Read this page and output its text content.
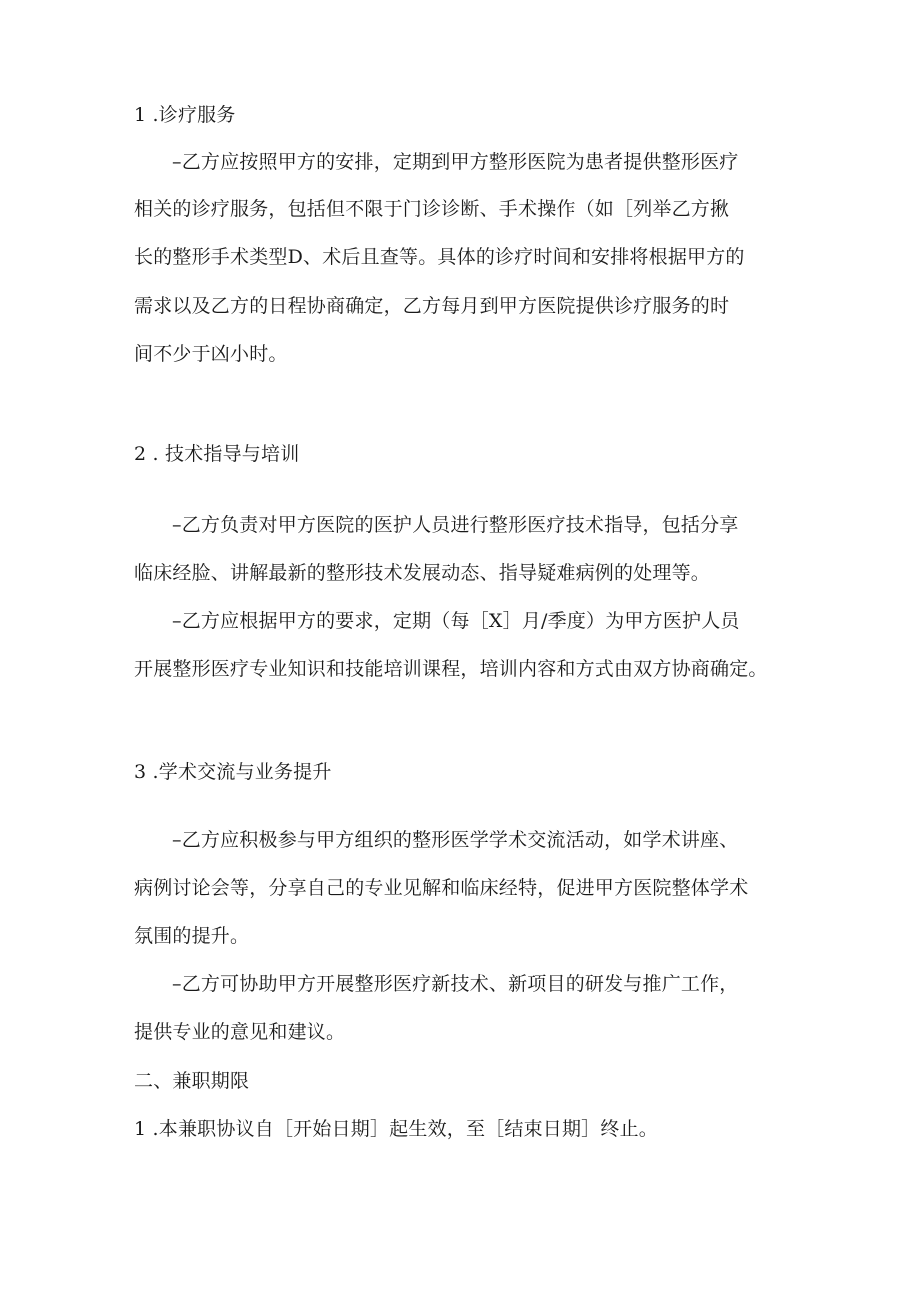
1 .诊疗服务
–乙方应按照甲方的安排，定期到甲方整形医院为患者提供整形医疗
相关的诊疗服务，包括但不限于门诊诊断、手术操作（如［列举乙方揪
长的整形手术类型D、术后且查等。具体的诊疗时间和安排将根据甲方的
需求以及乙方的日程协商确定，乙方每月到甲方医院提供诊疗服务的时
间不少于凶小时。
2 . 技术指导与培训
–乙方负责对甲方医院的医护人员进行整形医疗技术指导，包括分享
临床经脸、讲解最新的整形技术发展动态、指导疑难病例的处理等。
–乙方应根据甲方的要求，定期（每［X］月/季度）为甲方医护人员
开展整形医疗专业知识和技能培训课程，培训内容和方式由双方协商确定。
3 .学术交流与业务提升
–乙方应积极参与甲方组织的整形医学学术交流活动，如学术讲座、
病例讨论会等，分享自己的专业见解和临床经特，促进甲方医院整体学术
氛围的提升。
–乙方可协助甲方开展整形医疗新技术、新项目的研发与推广工作，
提供专业的意见和建议。
二、兼职期限
1 .本兼职协议自［开始日期］起生效，至［结束日期］终止。
